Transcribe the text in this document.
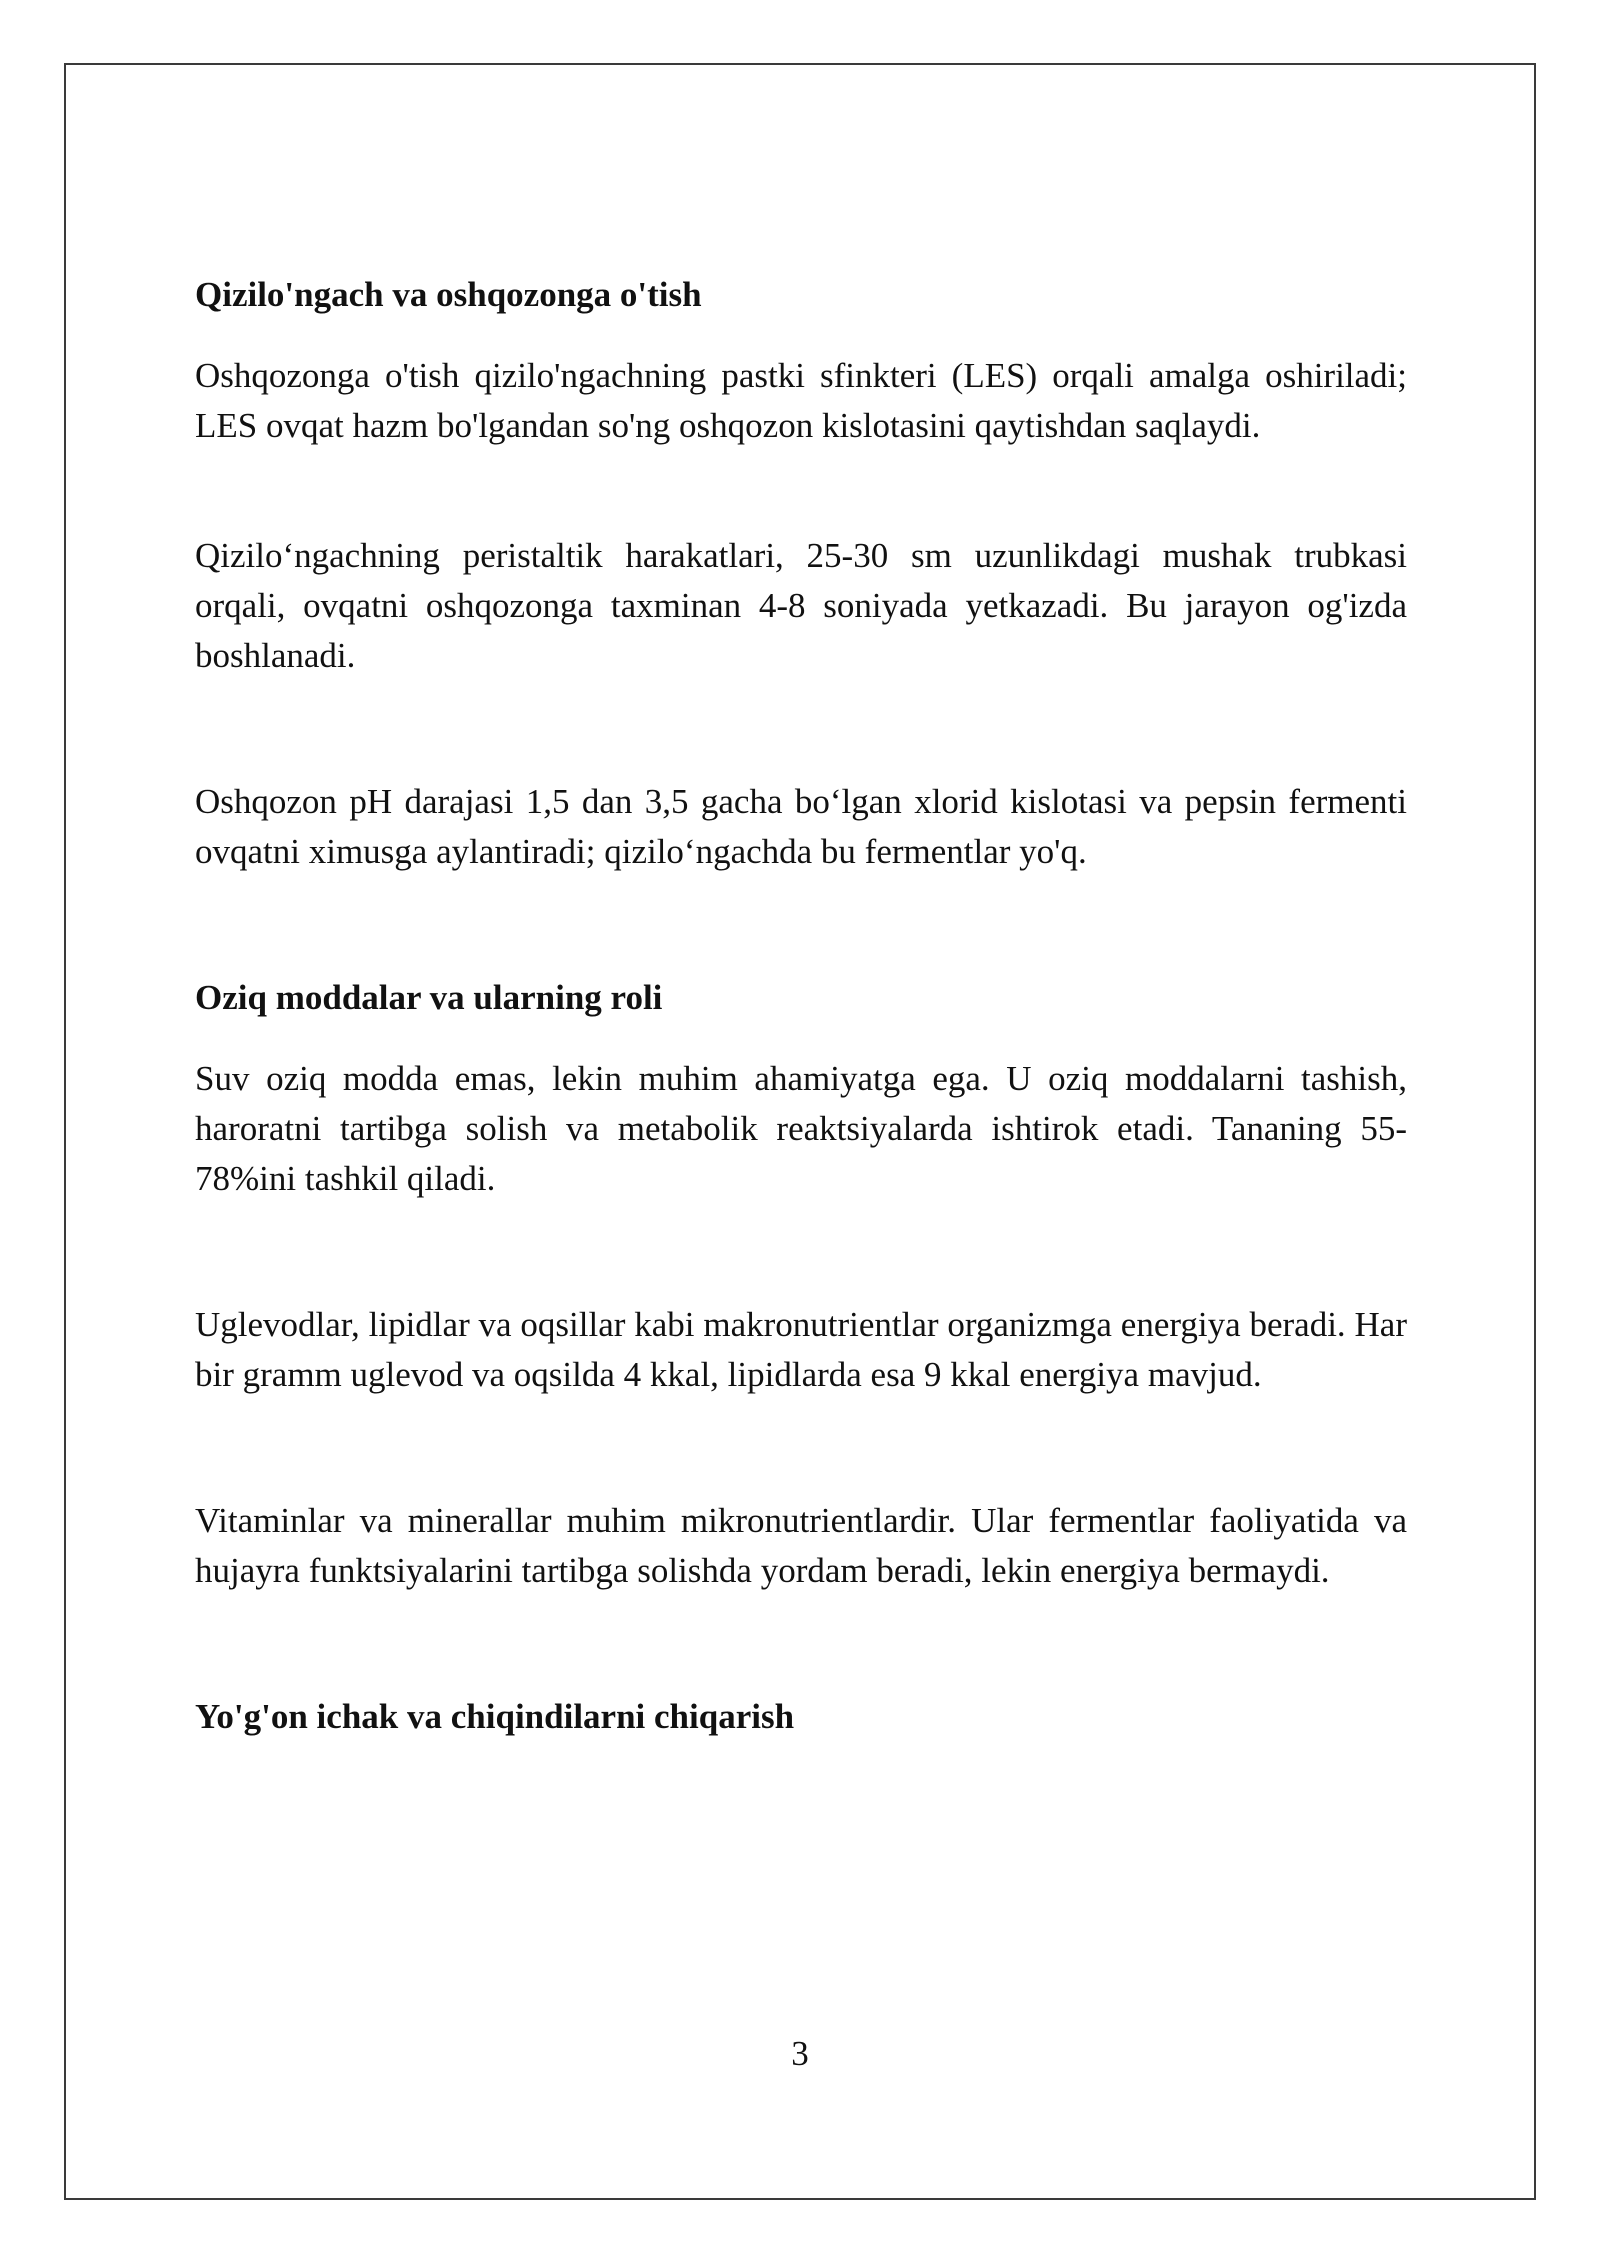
Qizilo'ngach va oshqozonga o'tish

Oshqozonga o'tish qizilo'ngachning pastki sfinkteri (LES) orqali amalga oshiriladi; LES ovqat hazm bo'lgandan so'ng oshqozon kislotasini qaytishdan saqlaydi.

Qizilo‘ngachning peristaltik harakatlari, 25-30 sm uzunlikdagi mushak trubkasi orqali, ovqatni oshqozonga taxminan 4-8 soniyada yetkazadi. Bu jarayon og'izda boshlanadi.

Oshqozon pH darajasi 1,5 dan 3,5 gacha bo‘lgan xlorid kislotasi va pepsin fermenti ovqatni ximusga aylantiradi; qizilo‘ngachda bu fermentlar yo'q.

Oziq moddalar va ularning roli

Suv oziq modda emas, lekin muhim ahamiyatga ega. U oziq moddalarni tashish, haroratni tartibga solish va metabolik reaktsiyalarda ishtirok etadi. Tananing 55-78%ini tashkil qiladi.

Uglevodlar, lipidlar va oqsillar kabi makronutrientlar organizmga energiya beradi. Har bir gramm uglevod va oqsilda 4 kkal, lipidlarda esa 9 kkal energiya mavjud.

Vitaminlar va minerallar muhim mikronutrientlardir. Ular fermentlar faoliyatida va hujayra funktsiyalarini tartibga solishda yordam beradi, lekin energiya bermaydi.

Yo'g'on ichak va chiqindilarni chiqarish
3
